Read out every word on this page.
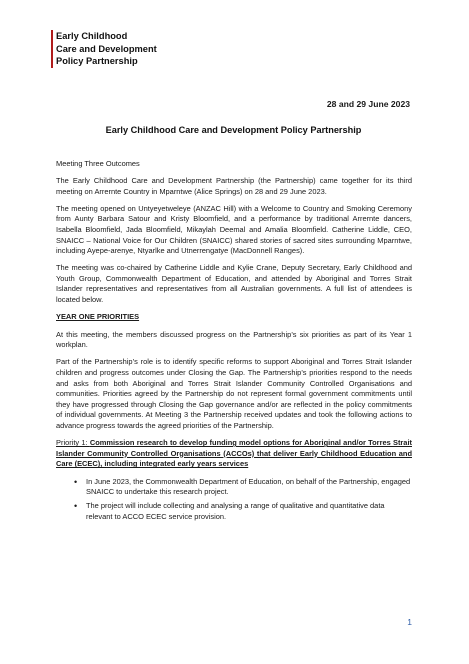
Early Childhood
Care and Development
Policy Partnership
28 and 29 June 2023
Early Childhood Care and Development Policy Partnership

Meeting Three Outcomes

The Early Childhood Care and Development Partnership (the Partnership) came together for its third meeting on Arrernte Country in Mparntwe (Alice Springs) on 28 and 29 June 2023.

The meeting opened on Untyeyetweleye (ANZAC Hill) with a Welcome to Country and Smoking Ceremony from Aunty Barbara Satour and Kristy Bloomfield, and a performance by traditional Arrernte dancers, Isabella Bloomfield, Jada Bloomfield, Mikaylah Deemal and Amalia Bloomfield. Catherine Liddle, CEO, SNAICC – National Voice for Our Children (SNAICC) shared stories of sacred sites surrounding Mparntwe, including Ayepe-arenye, Ntyarlke and Utnerrengatye (MacDonnell Ranges).

The meeting was co-chaired by Catherine Liddle and Kylie Crane, Deputy Secretary, Early Childhood and Youth Group, Commonwealth Department of Education, and attended by Aboriginal and Torres Strait Islander representatives and representatives from all Australian governments. A full list of attendees is located below.

YEAR ONE PRIORITIES

At this meeting, the members discussed progress on the Partnership’s six priorities as part of its Year 1 workplan.

Part of the Partnership’s role is to identify specific reforms to support Aboriginal and Torres Strait Islander children and progress outcomes under Closing the Gap. The Partnership’s priorities respond to the needs and asks from both Aboriginal and Torres Strait Islander Community Controlled Organisations and communities. Priorities agreed by the Partnership do not represent formal government commitments until they have progressed through Closing the Gap governance and/or are reflected in the policy commitments of individual governments. At Meeting 3 the Partnership received updates and took the following actions to advance progress towards the agreed priorities of the Partnership.

Priority 1: Commission research to develop funding model options for Aboriginal and/or Torres Strait Islander Community Controlled Organisations (ACCOs) that deliver Early Childhood Education and Care (ECEC), including integrated early years services

• In June 2023, the Commonwealth Department of Education, on behalf of the Partnership, engaged SNAICC to undertake this research project.
• The project will include collecting and analysing a range of qualitative and quantitative data relevant to ACCO ECEC service provision.
1
